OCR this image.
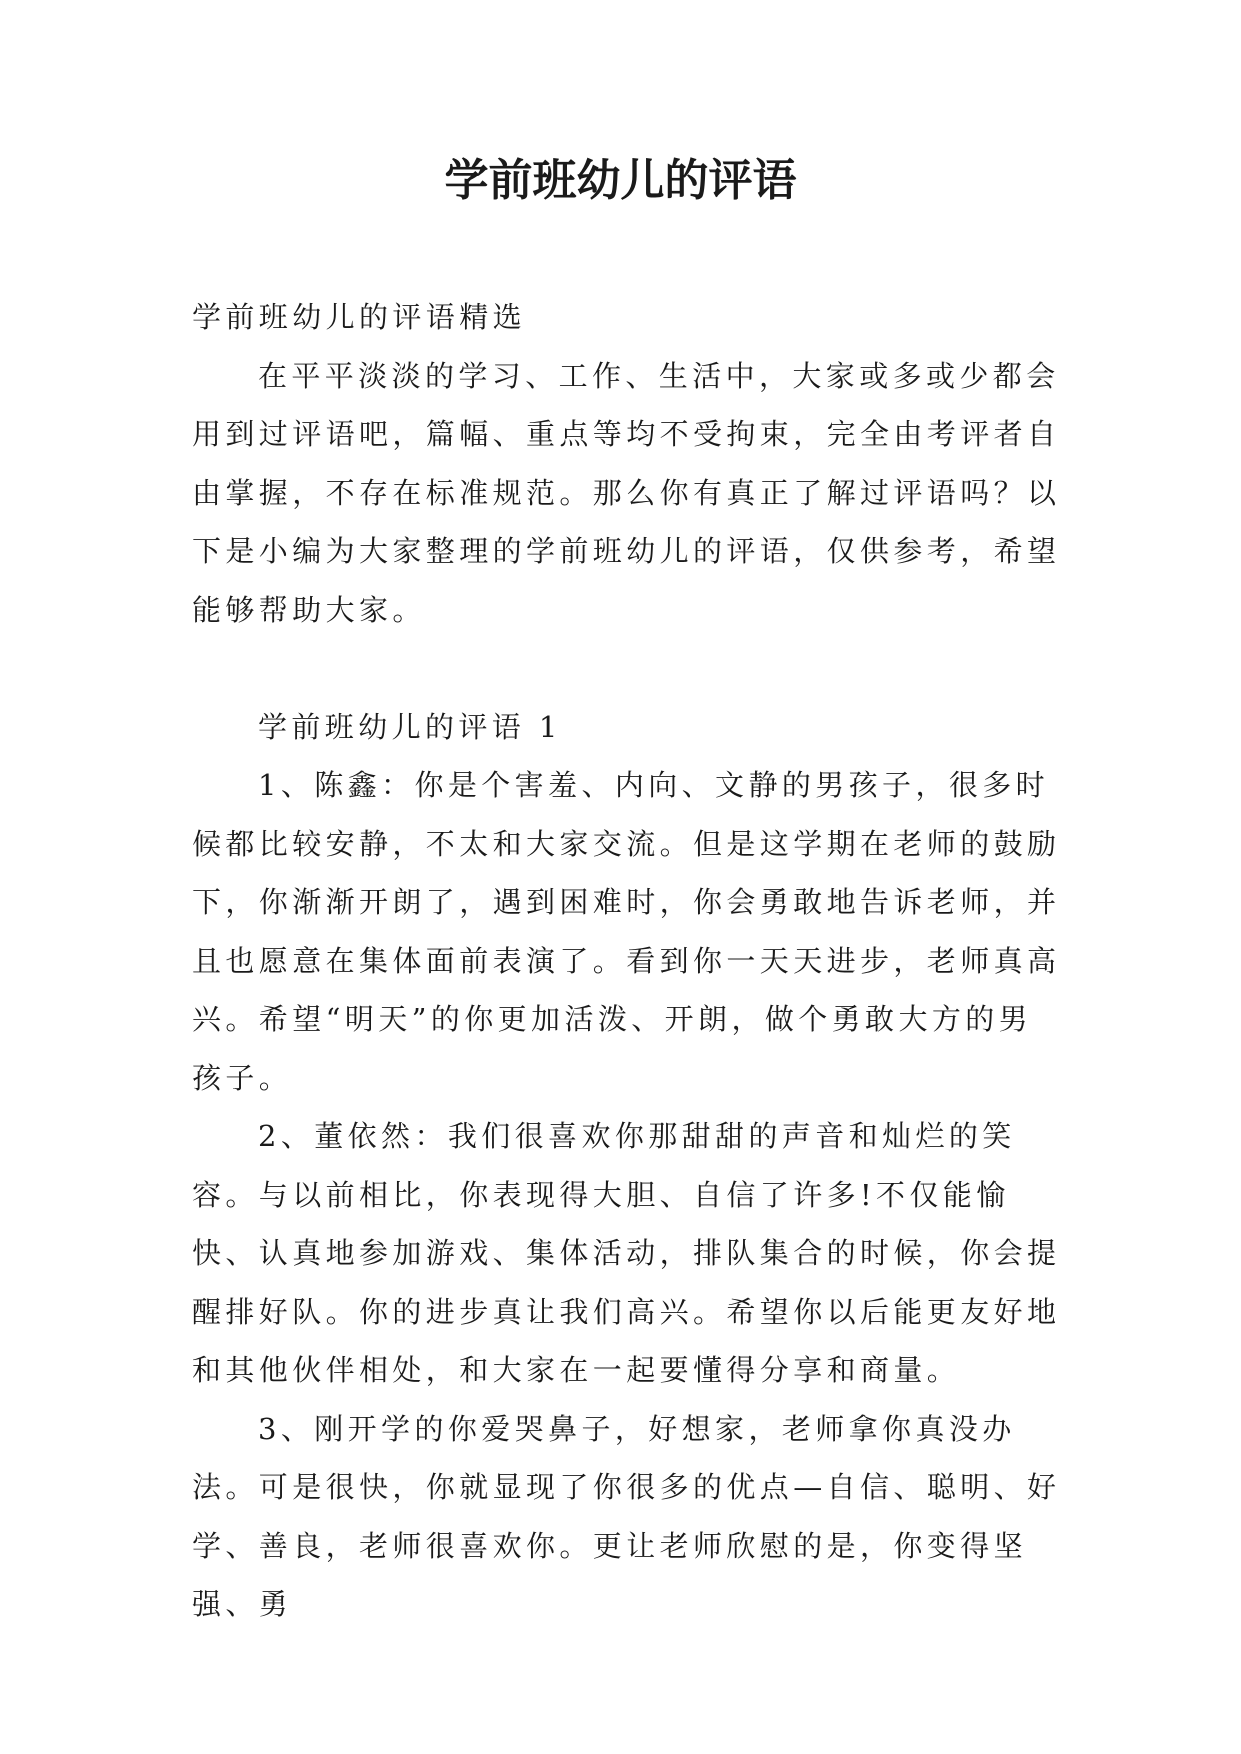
学前班幼儿的评语

学前班幼儿的评语精选

在平平淡淡的学习、工作、生活中，大家或多或少都会用到过评语吧，篇幅、重点等均不受拘束，完全由考评者自由掌握，不存在标准规范。那么你有真正了解过评语吗？以下是小编为大家整理的学前班幼儿的评语，仅供参考，希望能够帮助大家。

学前班幼儿的评语 1

1、陈鑫：你是个害羞、内向、文静的男孩子，很多时候都比较安静，不太和大家交流。但是这学期在老师的鼓励下，你渐渐开朗了，遇到困难时，你会勇敢地告诉老师，并且也愿意在集体面前表演了。看到你一天天进步，老师真高兴。希望“明天”的你更加活泼、开朗，做个勇敢大方的男孩子。

2、董依然：我们很喜欢你那甜甜的声音和灿烂的笑容。与以前相比，你表现得大胆、自信了许多!不仅能愉快、认真地参加游戏、集体活动，排队集合的时候，你会提醒排好队。你的进步真让我们高兴。希望你以后能更友好地和其他伙伴相处，和大家在一起要懂得分享和商量。

3、刚开学的你爱哭鼻子，好想家，老师拿你真没办法。可是很快，你就显现了你很多的优点—自信、聪明、好学、善良，老师很喜欢你。更让老师欣慰的是，你变得坚强、勇
